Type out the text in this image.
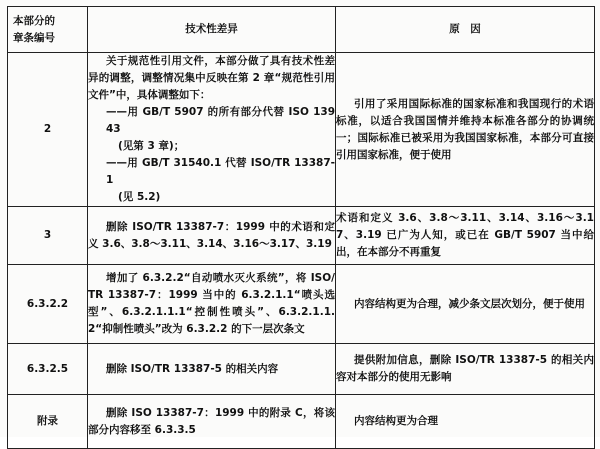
本部分的
章条编号	技术性差异	原　因
2	关于规范性引用文件，本部分做了具有技术性差异的调整，调整情况集中反映在第 2 章“规范性引用文件”中，具体调整如下：
——用 GB/T 5907 的所有部分代替 ISO 13943
(见第 3 章)；
——用 GB/T 31540.1 代替 ISO/TR 13387-1
(见 5.2)	引用了采用国际标准的国家标准和我国现行的术语标准，以适合我国国情并维持本标准各部分的协调统一；国际标准已被采用为我国国家标准，本部分可直接引用国家标准，便于使用

3	删除 ISO/TR 13387-7：1999 中的术语和定义 3.6、3.8～3.11、3.14、3.16～3.17、3.19	术语和定义 3.6、3.8～3.11、3.14、3.16～3.17、3.19 已广为人知，或已在 GB/T 5907 当中给出，在本部分不再重复

6.3.2.2	增加了 6.3.2.2“自动喷水灭火系统”，将 ISO/TR 13387-7：1999 当中的 6.3.2.1.1“喷头选型”、6.3.2.1.1.1“控制性喷头”、6.3.2.1.1.2“抑制性喷头”改为 6.3.2.2 的下一层次条文	内容结构更为合理，减少条文层次划分，便于使用

6.3.2.5	删除 ISO/TR 13387-5 的相关内容	提供附加信息，删除 ISO/TR 13387-5 的相关内容对本部分的使用无影响

附录	删除 ISO 13387-7：1999 中的附录 C，将该部分内容移至 6.3.3.5	内容结构更为合理
